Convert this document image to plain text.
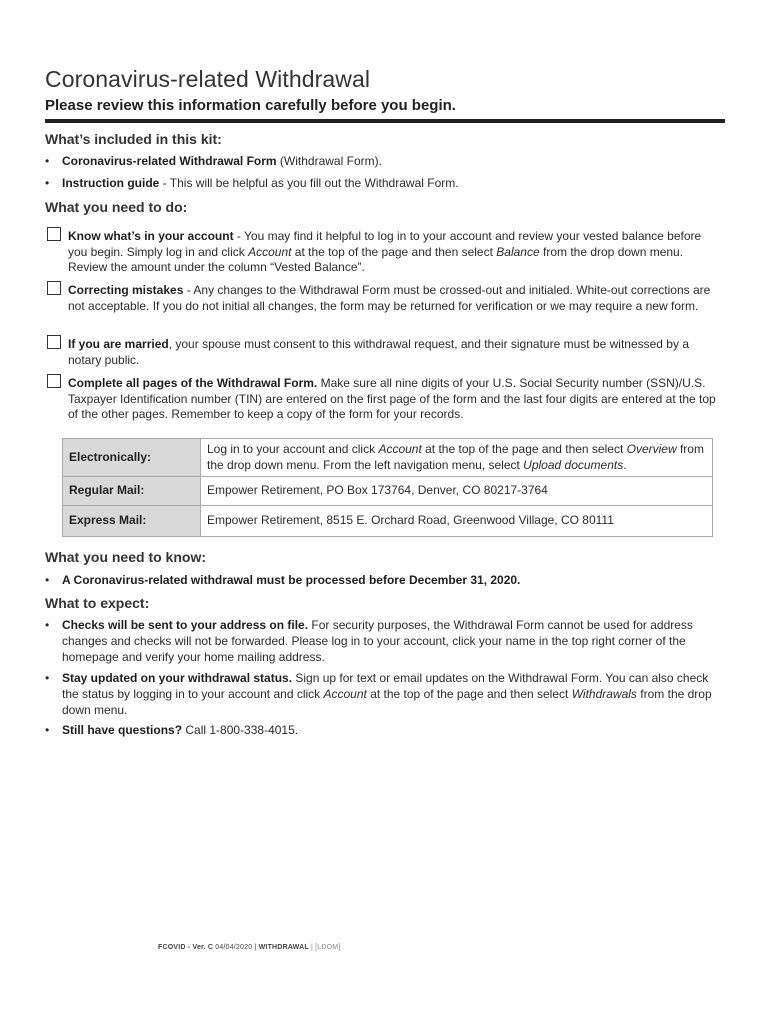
Coronavirus-related Withdrawal

Please review this information carefully before you begin.

What’s included in this kit:

• Coronavirus-related Withdrawal Form (Withdrawal Form).
• Instruction guide - This will be helpful as you fill out the Withdrawal Form.

What you need to do:

Know what’s in your account - You may find it helpful to log in to your account and review your vested balance before you begin. Simply log in and click Account at the top of the page and then select Balance from the drop down menu. Review the amount under the column “Vested Balance”.
Correcting mistakes - Any changes to the Withdrawal Form must be crossed-out and initialed. White-out corrections are not acceptable. If you do not initial all changes, the form may be returned for verification or we may require a new form.
If you are married, your spouse must consent to this withdrawal request, and their signature must be witnessed by a notary public.
Complete all pages of the Withdrawal Form. Make sure all nine digits of your U.S. Social Security number (SSN)/U.S. Taxpayer Identification number (TIN) are entered on the first page of the form and the last four digits are entered at the top of the other pages. Remember to keep a copy of the form for your records.
Electronically:	Log in to your account and click Account at the top of the page and then select Overview from the drop down menu. From the left navigation menu, select Upload documents.
Regular Mail:	Empower Retirement, PO Box 173764, Denver, CO 80217-3764
Express Mail:	Empower Retirement, 8515 E. Orchard Road, Greenwood Village, CO 80111

What you need to know:

• A Coronavirus-related withdrawal must be processed before December 31, 2020.

What to expect:

• Checks will be sent to your address on file. For security purposes, the Withdrawal Form cannot be used for address changes and checks will not be forwarded. Please log in to your account, click your name in the top right corner of the homepage and verify your home mailing address.
• Stay updated on your withdrawal status. Sign up for text or email updates on the Withdrawal Form. You can also check the status by logging in to your account and click Account at the top of the page and then select Withdrawals from the drop down menu.
• Still have questions? Call 1-800-338-4015.
FCOVID - Ver. C 04/04/2020 | WITHDRAWAL | [LDOM]
